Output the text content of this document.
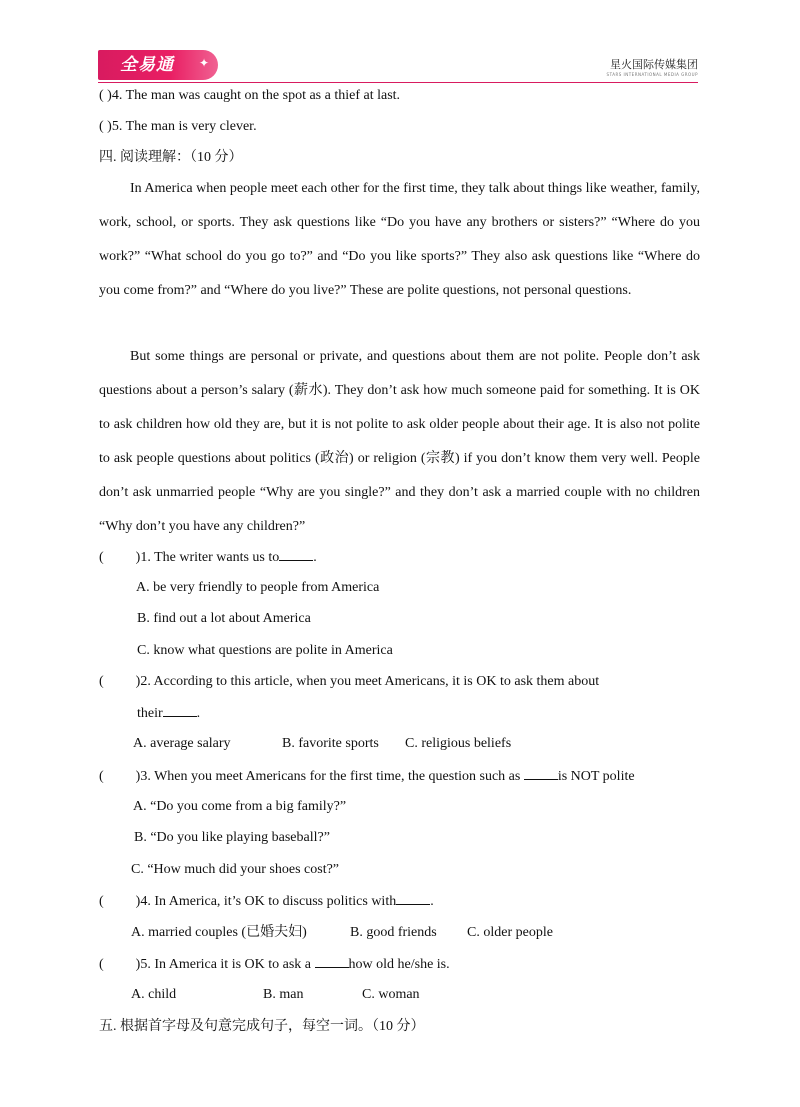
全易通 ✦	星火国际传媒集团
STARS INTERNATIONAL MEDIA GROUP
( )4. The man was caught on the spot as a thief at last.
( )5. The man is very clever.
四. 阅读理解：（10 分）
In America when people meet each other for the first time, they talk about things like weather, family, work, school, or sports. They ask questions like “Do you have any brothers or sisters?” “Where do you work?” “What school do you go to?” and “Do you like sports?” They also ask questions like “Where do you come from?” and “Where do you live?” These are polite questions, not personal questions.
But some things are personal or private, and questions about them are not polite. People don’t ask questions about a person’s salary (薪水). They don’t ask how much someone paid for something. It is OK to ask children how old they are, but it is not polite to ask older people about their age. It is also not polite to ask people questions about politics (政治) or religion (宗教) if you don’t know them very well. People don’t ask unmarried people “Why are you single?” and they don’t ask a married couple with no children “Why don’t you have any children?”
( )1. The writer wants us to .
A. be very friendly to people from America
B. find out a lot about America
C. know what questions are polite in America
( )2. According to this article, when you meet Americans, it is OK to ask them about
their .
A. average salary	B. favorite sports C. religious beliefs
( )3. When you meet Americans for the first time, the question such as	is NOT polite
A. “Do you come from a big family?”
B. “Do you like playing baseball?”
C. “How much did your shoes cost?”
( )4. In America, it’s OK to discuss politics with .
A. married couples (已婚夫妇)	B. good friends C. older people
( )5. In America it is OK to ask a	how old he/she is.
A. child	B. man	C. woman
五. 根据首字母及句意完成句子，每空一词。（10 分）
